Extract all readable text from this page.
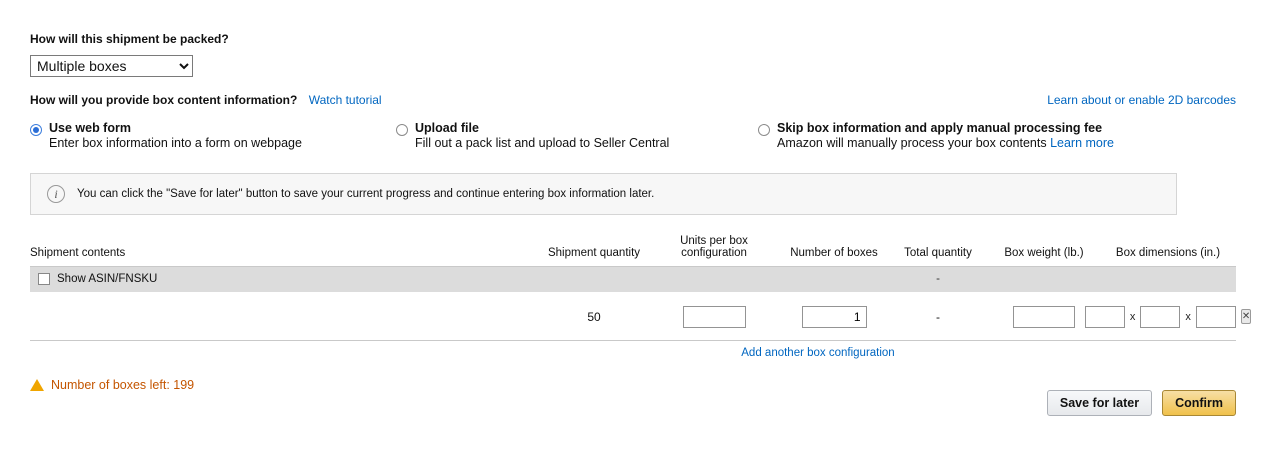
How will this shipment be packed?
Multiple boxes
How will you provide box content information? Watch tutorial	Learn about or enable 2D barcodes
Use web form
Enter box information into a form on webpage
Upload file
Fill out a pack list and upload to Seller Central
Skip box information and apply manual processing fee
Amazon will manually process your box contents Learn more
i	You can click the "Save for later" button to save your current progress and continue entering box information later.
Shipment contents	Shipment quantity	Units per box configuration	Number of boxes	Total quantity	Box weight (lb.)	Box dimensions (in.)

Show ASIN/FNSKU				-		
	50		1	-		x x ✕

		Add another box configuration				
Number of boxes left: 199
Save for later	Confirm
